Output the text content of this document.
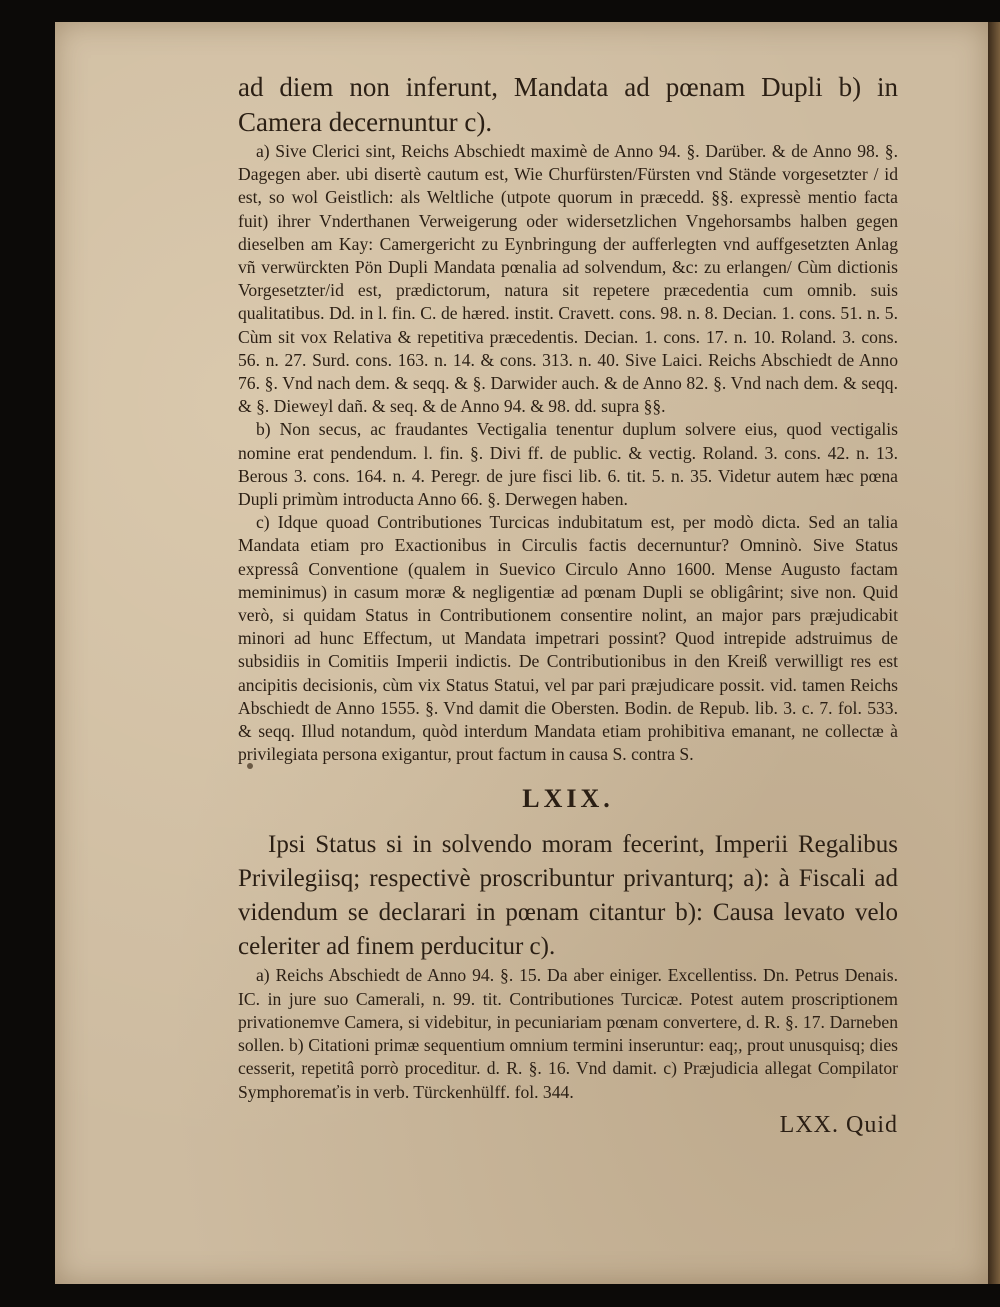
ad diem non inferunt, Mandata ad pœnam Dupli b) in Camera decernuntur c).

a) Sive Clerici sint, Reichs Abschiedt maximè de Anno 94. §. Darüber. & de Anno 98. §. Dagegen aber. ubi disertè cautum est, Wie Churfürsten/Fürsten vnd Stände vorgesetzter / id est, so wol Geistlich: als Weltliche (utpote quorum in præcedd. §§. expressè mentio facta fuit) ihrer Vnderthanen Verweigerung oder widersetzlichen Vngehorsambs halben gegen dieselben am Kay: Camergericht zu Eynbringung der aufferlegten vnd auffgesetzten Anlag vñ verwürckten Pön Dupli Mandata pœnalia ad solvendum, &c: zu erlangen/ Cùm dictionis Vorgesetzter/id est, prædictorum, natura sit repetere præcedentia cum omnib. suis qualitatibus. Dd. in l. fin. C. de hæred. instit. Cravett. cons. 98. n. 8. Decian. 1. cons. 51. n. 5. Cùm sit vox Relativa & repetitiva præcedentis. Decian. 1. cons. 17. n. 10. Roland. 3. cons. 56. n. 27. Surd. cons. 163. n. 14. & cons. 313. n. 40. Sive Laici. Reichs Abschiedt de Anno 76. §. Vnd nach dem. & seqq. & §. Darwider auch. & de Anno 82. §. Vnd nach dem. & seqq. & §. Dieweyl dañ. & seq. & de Anno 94. & 98. dd. supra §§.

b) Non secus, ac fraudantes Vectigalia tenentur duplum solvere eius, quod vectigalis nomine erat pendendum. l. fin. §. Divi ff. de public. & vectig. Roland. 3. cons. 42. n. 13. Berous 3. cons. 164. n. 4. Peregr. de jure fisci lib. 6. tit. 5. n. 35. Videtur autem hæc pœna Dupli primùm introducta Anno 66. §. Derwegen haben.

c) Idque quoad Contributiones Turcicas indubitatum est, per modò dicta. Sed an talia Mandata etiam pro Exactionibus in Circulis factis decernuntur? Omninò. Sive Status expressâ Conventione (qualem in Suevico Circulo Anno 1600. Mense Augusto factam meminimus) in casum moræ & negligentiæ ad pœnam Dupli se obligârint; sive non. Quid verò, si quidam Status in Contributionem consentire nolint, an major pars præjudicabit minori ad hunc Effectum, ut Mandata impetrari possint? Quod intrepide adstruimus de subsidiis in Comitiis Imperii indictis. De Contributionibus in den Kreiß verwilligt res est ancipitis decisionis, cùm vix Status Statui, vel par pari præjudicare possit. vid. tamen Reichs Abschiedt de Anno 1555. §. Vnd damit die Obersten. Bodin. de Repub. lib. 3. c. 7. fol. 533. & seqq. Illud notandum, quòd interdum Mandata etiam prohibitiva emanant, ne collectæ à privilegiata persona exigantur, prout factum in causa S. contra S.

LXIX.

Ipsi Status si in solvendo moram fecerint, Imperii Regalibus Privilegiisq; respectivè proscribuntur privanturq; a): à Fiscali ad videndum se declarari in pœnam citantur b): Causa levato velo celeriter ad finem perducitur c).

a) Reichs Abschiedt de Anno 94. §. 15. Da aber einiger. Excellentiss. Dn. Petrus Denais. IC. in jure suo Camerali, n. 99. tit. Contributiones Turcicæ. Potest autem proscriptionem privationemve Camera, si videbitur, in pecuniariam pœnam convertere, d. R. §. 17. Darneben sollen. b) Citationi primæ sequentium omnium termini inseruntur: eaq;, prout unusquisq; dies cesserit, repetitâ porrò proceditur. d. R. §. 16. Vnd damit. c) Præjudicia allegat Compilator Symphoremaťis in verb. Türckenhülff. fol. 344.

LXX. Quid
